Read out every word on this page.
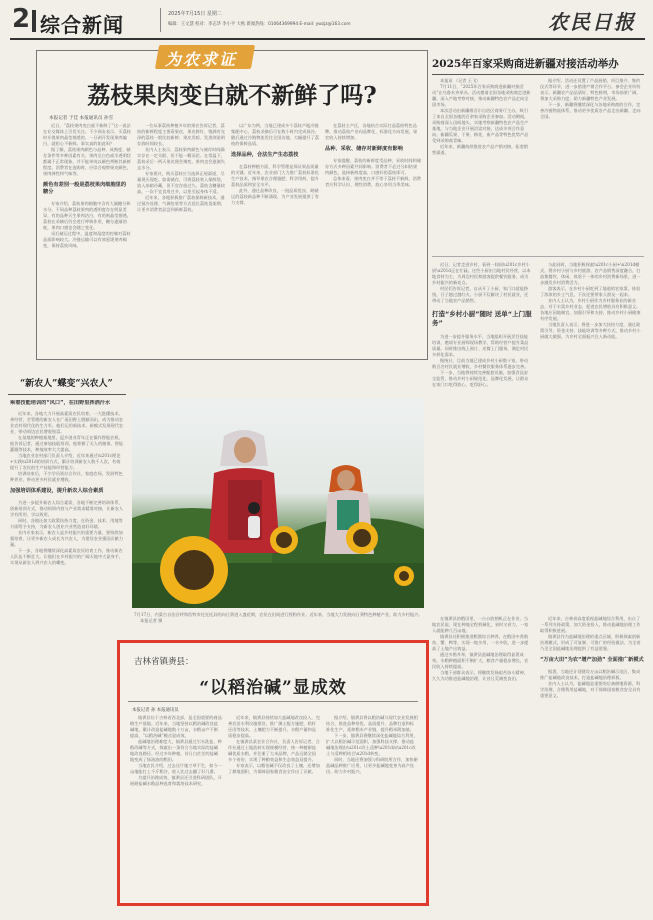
2 综合新闻	2025年7月15日 星期二
编辑：王文慧 校对：李志华 李小平 大秋 新闻热线：01064369994 E-mail: ywzjz@163.com	农民日报
为农求证
荔枝果肉变白就不新鲜了吗?
本报记者 于佳 本报通讯员 孙雪

近日，“荔枝果肉变白就不新鲜了”这一说法在社交媒体上引发关注。不少网友表示，买荔枝时专挑果肉晶莹剔透的，一旦剥开发现果肉偏白，就担心不新鲜。事实真的如此吗？

据了解，荔枝果肉颜色与品种、成熟度、储存条件等多种因素有关。果肉呈白色或半透明状都属于正常现象，并不能单纯以颜色判断其新鲜程度。消费者在选购时，应综合观察果皮颜色、果肉弹性和气味等。

颜色有差别一般是荔枝果肉细胞里的糖分

专家介绍，荔枝果肉细胞中含有大量糖分和水分。不同品种荔枝果肉的透明度存在明显差异，有的品种天生果肉洁白，有的则晶莹剔透。荔枝在采摘后仍会进行呼吸作用，糖分逐渐消耗，果肉口感也会随之变化。

采后储运过程中，温度和湿度的控制对荔枝品质影响较大。冷链运输可以有效延缓果肉褐变，保持荔枝风味。

一位从事荔枝种植多年的果农告诉记者，荔枝的新鲜程度主要看果皮，果皮鲜红、饱满有光泽的荔枝一般比较新鲜；果皮发暗、发黑则说明存放时间较长。

业内人士表示，荔枝果肉颜色与储存时间确实存在一定关联，但不能一概而论。在常温下，荔枝采后一两天果皮便会褐变，果肉也会逐渐失去水分。

专家建议，购买荔枝应当选择正规渠道，尽量现买现吃。如需储存，可将荔枝装入保鲜袋，放入冰箱冷藏，但不宜存放过久。荔枝含糖量较高，一次不宜食用过多，以免引起身体不适。

近年来，各地积极推广荔枝保鲜新技术，通过预冷处理、气调包装等方式延长荔枝货架期，让更多消费者品尝到新鲜荔枝。

以广东为例，当地已建成多个荔枝产地冷链集配中心，荔枝采摘后可在数小时内完成预冷，随后通过冷链物流发往全国各地，大幅提升了荔枝的保鲜品质。

选择品种，合法生产生态荔枝

在荔枝种植方面，科学管理是保证果品质量的关键。近年来，农业部门大力推广荔枝标准化生产技术，指导果农合理施肥、科学用药，提升荔枝品质和安全水平。

此外，通过品种改良，一批品质优良、耐储运的荔枝新品种不断涌现，为产业发展提供了有力支撑。

在荔枝主产区，各地结合实际打造荔枝特色品牌，推动荔枝产业向品牌化、标准化方向发展，果农收入持续增加。

品种、采收、储存对新鲜度有影响

专家提醒，荔枝的新鲜度受品种、采收时间和储存方式多种因素共同影响。消费者不必过分纠结果肉颜色，选择新鲜度高、口感好的荔枝即可。

总体来看，果肉变白并不等于荔枝不新鲜，消费者应科学认识、理性消费，放心享用当季美味。

2025年百家采购商进新疆对接活动举办

本报讯 （记者 王飞）

7月11日，“2025年百家采购商进新疆对接活动”在乌鲁木齐举办。活动邀请全国各地采购商走进新疆，深入产地考察对接，推动新疆特色农产品走向全国市场。

本次活动由新疆维吾尔自治区商务厅主办，吸引了来自全国各地的百余家采购企业参加。活动期间，采购商深入田间地头，实地考察新疆特色农产品生产基地，与当地企业开展洽谈对接，达成多项合作意向。新疆瓜果、干果、棉花、畜产品等特色优势产品受到采购商青睐。

近年来，新疆持续推进农产品产销对接，拓宽销售渠道。

据介绍，活动还设置了产品展销、项目推介、签约仪式等环节，进一步搭建产销合作平台。参会企业纷纷表示，新疆农产品品质好、特色鲜明，市场前景广阔，将加大采购力度，助力新疆特色产业发展。

下一步，新疆将继续深化与各地采购商的合作，完善冷链物流体系，推动更多优质农产品走出新疆、走向全国。

近日，记者走进乡村，看到一间间\u201c乡村小厨\u201d正在忙碌。这些小厨由当地村民经营，以本地食材为主，为周边村民和游客提供餐饮服务，成为乡村振兴的新亮点。

村民们告诉记者，自从开了小厨，家门口就能挣钱，日子越过越红火。小厨不仅解决了村民就业，还带动了当地农产品销售。

打造“乡村小厨”随时 送单“上门服务”

为进一步提升服务水平，当地组织开展烹饪技能培训，邀请专业厨师现场教学，帮助经营户提升菜品质量。同时推出线上预订、送餐上门服务，满足村民多样化需求。

据统计，目前当地已建成乡村小厨数十家，带动数百名村民就业增收，乡村餐饮服务体系逐步完善。

下一步，当地将持续完善配套设施，加强食品安全监管，推动乡村小厨规范化、品牌化发展，让群众在家门口吃得放心、吃得舒心。

与此同时，当地积极探索\u201c小厨+\u201d模式，将乡村小厨与乡村旅游、农产品销售深度融合，打造集餐饮、休闲、体验于一体的乡村消费新场景，进一步激发乡村消费活力。

游客表示，在乡村小厨吃到了地道的农家菜，体验了浓浓的乡土气息，下次还要带家人朋友一起来。

业内人士认为，乡村小厨作为乡村服务业的新业态，对于丰富乡村业态、促进农民增收具有积极意义。各地应因地制宜，加强引导和支持，推动乡村小厨健康有序发展。

当地负责人表示，将进一步加大扶持力度，通过政策引导、资金支持、技能培训等多种方式，推动乡村小厨做大做强，为乡村全面振兴注入新动能。

“新农人”蝶变“兴农人”
乘着技能培训的“风口”，在田野里挥洒汗水

近年来，各地大力开展高素质农民培育，一大批懂技术、善经营、会管理的新农人在广袤田野上脱颖而出，成为推动农业农村现代化的生力军。他们运用新技术、新模式发展现代农业，带动周边农民增收致富。

在某地的种植基地里，返乡创业青年正在操作智能农机。他告诉记者，通过参加技能培训，他掌握了无人机植保、智能灌溉等技术，种地效率大大提高。

当地农业农村部门负责人介绍，近年来通过\u201c理论+实践\u201d的培训方式，累计培训新农人数千人次，有效提升了农民的生产技能和经营能力。

培训结束后，不少学员领办合作社、家庭农场，发展特色种养业，带动更多村民就业增收。

加强培训体系建设，提升新农人综合素质

为进一步提升新农人综合素质，各地不断完善培训体系，创新培训方式，推动培训内容与产业需求精准对接，让新农人学有所用、学以致用。

同时，各地还加大政策扶持力度，在资金、技术、用地等方面给予支持，为新农人创业兴业营造良好环境。

业内专家表示，新农人是乡村振兴的重要力量，要持续加强培育，让更多新农人成长为兴农人，为建设农业强国贡献力量。

下一步，各地将继续深化高素质农民培育工作，推动新农人队伍不断壮大，让他们在乡村振兴的广阔天地中大显身手，实现从新农人到兴农人的蝶变。

7月17日，内蒙古自治区呼和浩特市托克托县的向日葵进入盛花期，农民在田间进行授粉作业。近年来，当地大力发展向日葵特色种植产业，助力乡村振兴。 本报记者 摄
吉林省镇赉县：
“以稻治碱”显成效
本报记者 孙 本报通讯员

镇赉县位于吉林省西北部，是全国重要的商品粮生产基地。近年来，当地坚持以稻治碱改良盐碱地，累计改造盐碱地数十万亩，水稻亩产不断提高，“以稻治碱”模式显成效。

盐碱地治理难度大，镇赉县通过引水洗盐、种稻改碱等方式，探索出一条符合当地实际的盐碱地改良路径。经过多年种植，昔日白茫茫的盐碱地变成了绿油油的稻田。

当地农民介绍，过去这片地寸草不生，如今一亩地能打上千斤稻谷，收入比过去翻了好几番。

为提升治理成效，镇赉县还引进科研团队，开展耐盐碱水稻品种选育和栽培技术研究。

近年来，镇赉县持续加大盐碱地改良投入，完善农田水利设施建设，推广测土配方施肥、秸秆还田等技术，土壤肥力不断提升，水稻产量和品质稳步提高。

在镇赉县某农业合作社，负责人告诉记者，合作社通过土地流转实现规模经营，统一种植耐盐碱优质水稻，并注册了大米品牌，产品远销全国多个省份，实现了种粮效益和生态效益双提升。

专家表示，以稻治碱不仅改良了土壤，还增加了耕地面积，为保障国家粮食安全作出了贡献。

据介绍，镇赉县将以稻治碱与现代农业发展相结合，推进品种培优、品质提升、品牌打造和标准化生产，延伸稻米产业链，提升稻米附加值。

下一步，镇赉县将继续深化盐碱地综合利用，扩大以稻治碱示范面积，加强科技支撑，推动盐碱地治理由\u201c改土适种\u201d向\u201c改土与适种相结合\u201d转变。

同时，当地还将加强与科研院所合作，加快耐盐碱品种推广应用，让更多盐碱地变身为高产良田，助力乡村振兴。

在镇赉县的稻田里，一台台收割机正在作业。当地农民说，现在种地全程机械化，省时又省力，一家人就能种几百亩地。

镇赉县还积极推进稻渔综合种养，在稻田中养殖鱼、蟹、鸭等，实现一地多用、一水多收，进一步提高了土地产出效益。

通过多措并举，镇赉县盐碱地治理取得显著成效，水稻种植面积不断扩大，粮食产量稳步增长，农民收入持续提高。

当地干部群众表示，将继续发扬艰苦奋斗精神，久久为功推进盐碱地治理，让昔日荒滩变良田。

近年来，吉林省高度重视盐碱地综合利用，出台了一系列支持政策，加大资金投入，推动盐碱地治理工作取得积极进展。

镇赉县作为盐碱地治理的重点区域，积极探索创新治理模式，形成了可复制、可推广的经验做法，为全省乃至全国盐碱地治理提供了有益借鉴。

“万亩大田”为农“增产加劲” 全面推广新模式

据悉，当地还计划建设万亩以稻治碱示范区，集成推广盐碱地改良技术，打造盐碱地治理样板。

业内人士认为，盐碱地是重要的后备耕地资源，科学治理、合理利用盐碱地，对于保障国家粮食安全具有重要意义。
